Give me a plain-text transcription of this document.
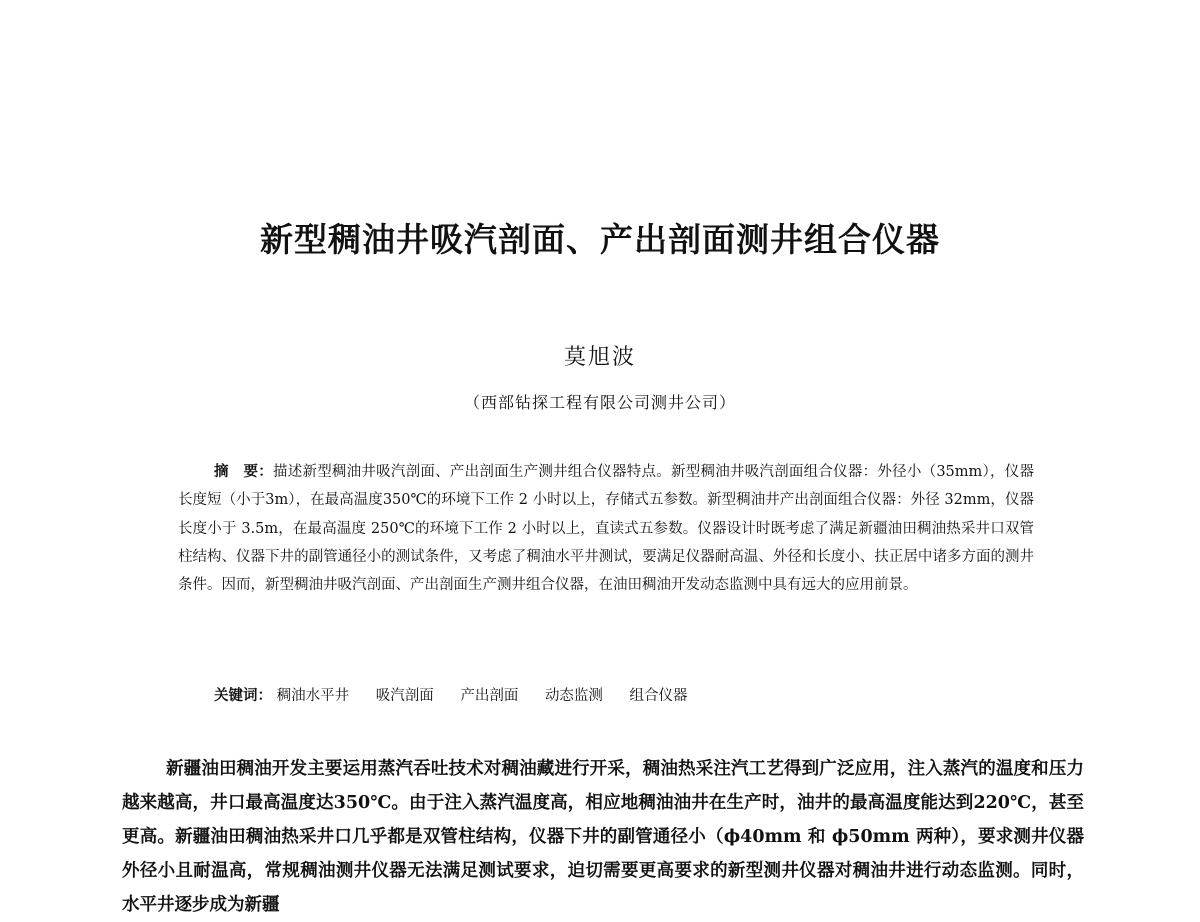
新型稠油井吸汽剖面、产出剖面测井组合仪器
莫旭波
（西部钻探工程有限公司测井公司）
摘　要：描述新型稠油井吸汽剖面、产出剖面生产测井组合仪器特点。新型稠油井吸汽剖面组合仪器：外径小（35mm），仪器长度短（小于3m），在最高温度350℃的环境下工作 2 小时以上，存储式五参数。新型稠油井产出剖面组合仪器：外径 32mm，仪器长度小于 3.5m，在最高温度 250℃的环境下工作 2 小时以上，直读式五参数。仪器设计时既考虑了满足新疆油田稠油热采井口双管柱结构、仪器下井的副管通径小的测试条件，又考虑了稠油水平井测试，要满足仪器耐高温、外径和长度小、扶正居中诸多方面的测井条件。因而，新型稠油井吸汽剖面、产出剖面生产测井组合仪器，在油田稠油开发动态监测中具有远大的应用前景。
关键词： 稠油水平井 吸汽剖面 产出剖面 动态监测 组合仪器
新疆油田稠油开发主要运用蒸汽吞吐技术对稠油藏进行开采，稠油热采注汽工艺得到广泛应用，注入蒸汽的温度和压力越来越高，井口最高温度达350℃。由于注入蒸汽温度高，相应地稠油油井在生产时，油井的最高温度能达到220℃，甚至更高。新疆油田稠油热采井口几乎都是双管柱结构，仪器下井的副管通径小（ϕ40mm 和 ϕ50mm 两种），要求测井仪器外径小且耐温高，常规稠油测井仪器无法满足测试要求，迫切需要更高要求的新型测井仪器对稠油井进行动态监测。同时，水平井逐步成为新疆
